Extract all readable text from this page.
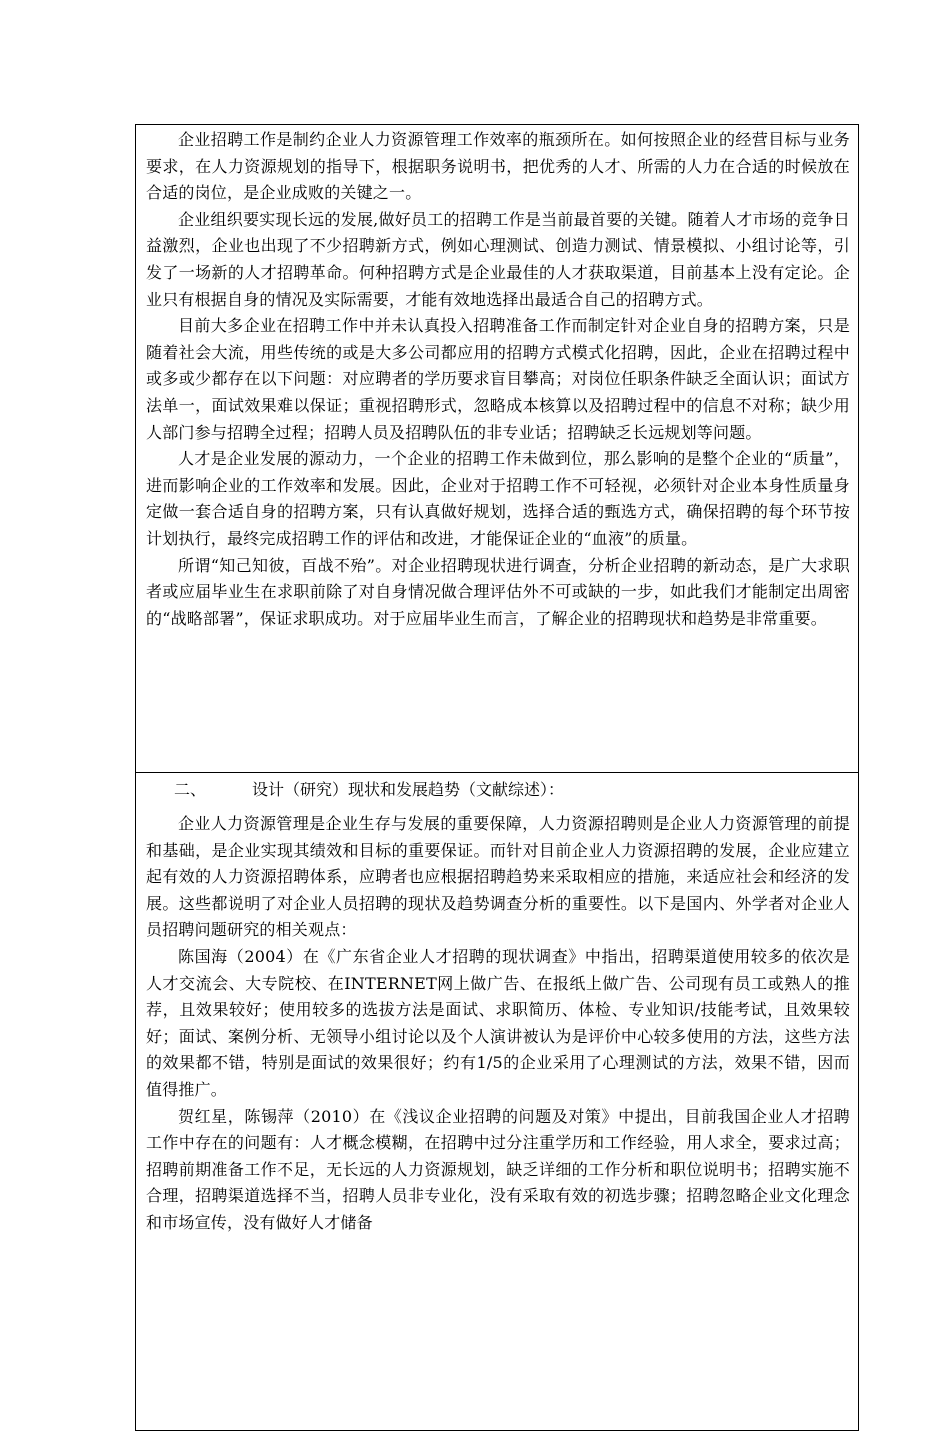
企业招聘工作是制约企业人力资源管理工作效率的瓶颈所在。如何按照企业的经营目标与业务要求，在人力资源规划的指导下，根据职务说明书，把优秀的人才、所需的人力在合适的时候放在合适的岗位，是企业成败的关键之一。

企业组织要实现长远的发展,做好员工的招聘工作是当前最首要的关键。随着人才市场的竞争日益激烈，企业也出现了不少招聘新方式，例如心理测试、创造力测试、情景模拟、小组讨论等，引发了一场新的人才招聘革命。何种招聘方式是企业最佳的人才获取渠道，目前基本上没有定论。企业只有根据自身的情况及实际需要，才能有效地选择出最适合自己的招聘方式。

目前大多企业在招聘工作中并未认真投入招聘准备工作而制定针对企业自身的招聘方案，只是随着社会大流，用些传统的或是大多公司都应用的招聘方式模式化招聘，因此，企业在招聘过程中或多或少都存在以下问题：对应聘者的学历要求盲目攀高；对岗位任职条件缺乏全面认识；面试方法单一，面试效果难以保证；重视招聘形式，忽略成本核算以及招聘过程中的信息不对称；缺少用人部门参与招聘全过程；招聘人员及招聘队伍的非专业话；招聘缺乏长远规划等问题。

人才是企业发展的源动力，一个企业的招聘工作未做到位，那么影响的是整个企业的“质量”，进而影响企业的工作效率和发展。因此，企业对于招聘工作不可轻视，必须针对企业本身性质量身定做一套合适自身的招聘方案，只有认真做好规划，选择合适的甄选方式，确保招聘的每个环节按计划执行，最终完成招聘工作的评估和改进，才能保证企业的“血液”的质量。

所谓“知己知彼，百战不殆”。对企业招聘现状进行调查，分析企业招聘的新动态，是广大求职者或应届毕业生在求职前除了对自身情况做合理评估外不可或缺的一步，如此我们才能制定出周密的“战略部署”，保证求职成功。对于应届毕业生而言，了解企业的招聘现状和趋势是非常重要。

二、	设计（研究）现状和发展趋势（文献综述）：

企业人力资源管理是企业生存与发展的重要保障，人力资源招聘则是企业人力资源管理的前提和基础，是企业实现其绩效和目标的重要保证。而针对目前企业人力资源招聘的发展，企业应建立起有效的人力资源招聘体系，应聘者也应根据招聘趋势来采取相应的措施，来适应社会和经济的发展。这些都说明了对企业人员招聘的现状及趋势调查分析的重要性。以下是国内、外学者对企业人员招聘问题研究的相关观点：

陈国海（2004）在《广东省企业人才招聘的现状调查》中指出，招聘渠道使用较多的依次是人才交流会、大专院校、在INTERNET网上做广告、在报纸上做广告、公司现有员工或熟人的推荐，且效果较好；使用较多的选拔方法是面试、求职简历、体检、专业知识/技能考试，且效果较好；面试、案例分析、无领导小组讨论以及个人演讲被认为是评价中心较多使用的方法，这些方法的效果都不错，特别是面试的效果很好；约有1/5的企业采用了心理测试的方法，效果不错，因而值得推广。

贺红星，陈锡萍（2010）在《浅议企业招聘的问题及对策》中提出，目前我国企业人才招聘工作中存在的问题有：人才概念模糊，在招聘中过分注重学历和工作经验，用人求全，要求过高；招聘前期准备工作不足，无长远的人力资源规划，缺乏详细的工作分析和职位说明书；招聘实施不合理，招聘渠道选择不当，招聘人员非专业化，没有采取有效的初选步骤；招聘忽略企业文化理念和市场宣传，没有做好人才储备
